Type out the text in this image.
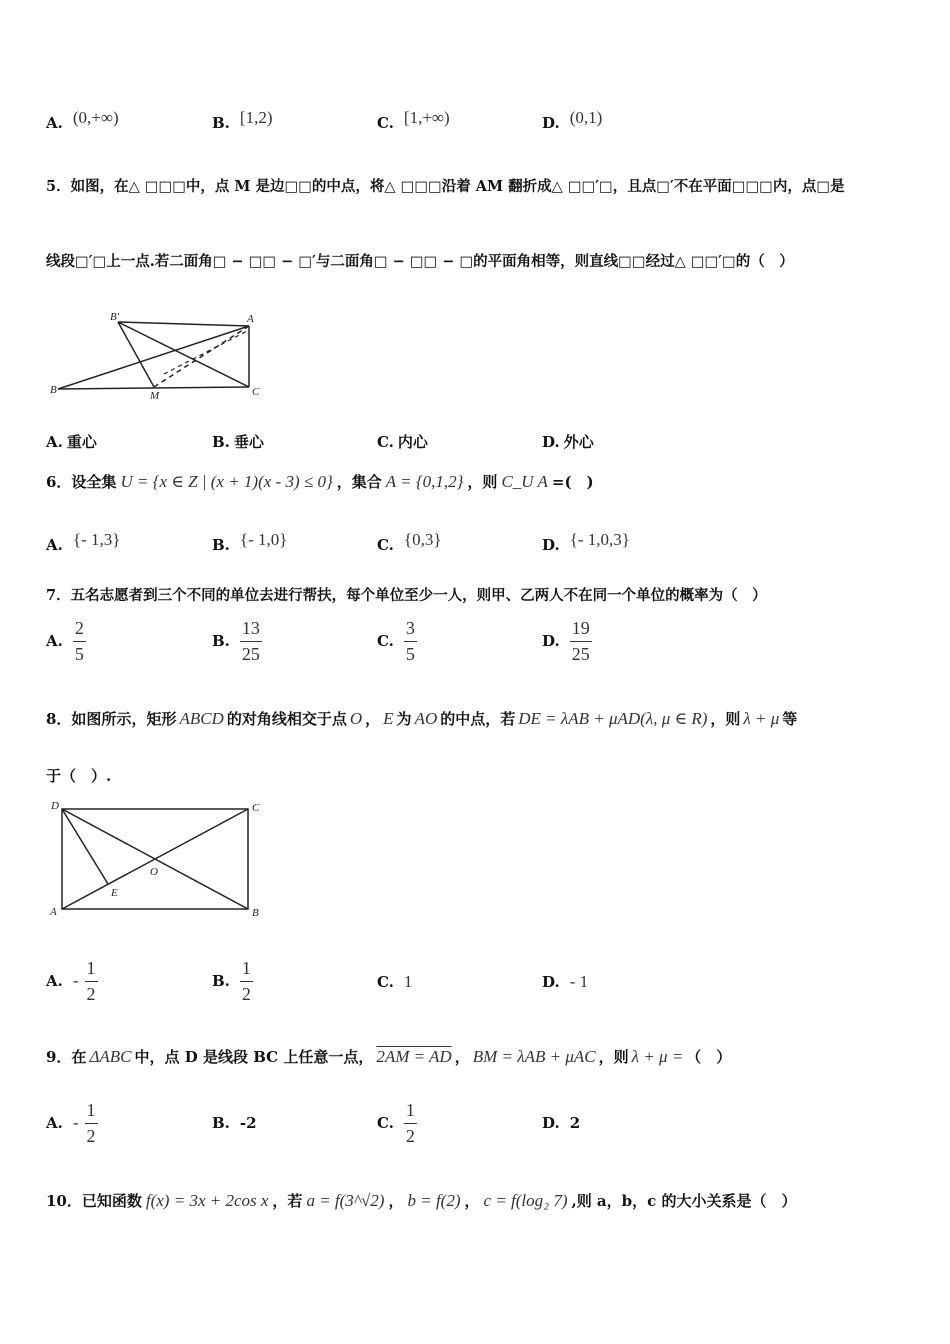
A. (0,+∞)	B. [1,2)	C. [1,+∞)	D. (0,1)
5．如图，在△ □□□中，点 M 是边□□的中点，将△ □□□沿着 AM 翻折成△ □□′□，且点□′不在平面□□□内，点□是
线段□′□上一点.若二面角□ − □□ − □′与二面角□ − □□ − □的平面角相等，则直线□□经过△ □□′□的（　）
B'	A
B	M	C
A. 重心	B. 垂心	C. 内心	D. 外心
6．设全集 U = {x ∈ Z | (x + 1)(x - 3) ≤ 0} ，集合 A = {0,1,2} ，则 C_U A =(　)
A. {- 1,3}	B. {- 1,0}	C. {0,3}	D. {- 1,0,3}
7．五名志愿者到三个不同的单位去进行帮扶，每个单位至少一人，则甲、乙两人不在同一个单位的概率为（　）
A. $\frac{2}{5}$	B. $\frac{13}{25}$	C. $\frac{3}{5}$	D. $\frac{19}{25}$
8．如图所示，矩形 ABCD 的对角线相交于点 O ， E 为 AO 的中点，若 DE = λAB + μAD(λ, μ ∈ R) ，则 λ + μ 等
于（　）.
D	C
O
E
A	B
A. - $\frac{1}{2}$	B. $\frac{1}{2}$	C. 1	D. - 1
9．在 ΔABC 中，点 D 是线段 BC 上任意一点， 2AM = AD ， BM = λAB + μAC ，则 λ + μ = （　）
A. - $\frac{1}{2}$	B. -2	C. $\frac{1}{2}$	D. 2
10．已知函数 f(x) = 3x + 2cos x ，若 a = f(3^√2) ， b = f(2) ， c = f(log₂ 7) ,则 a，b，c 的大小关系是（　）
